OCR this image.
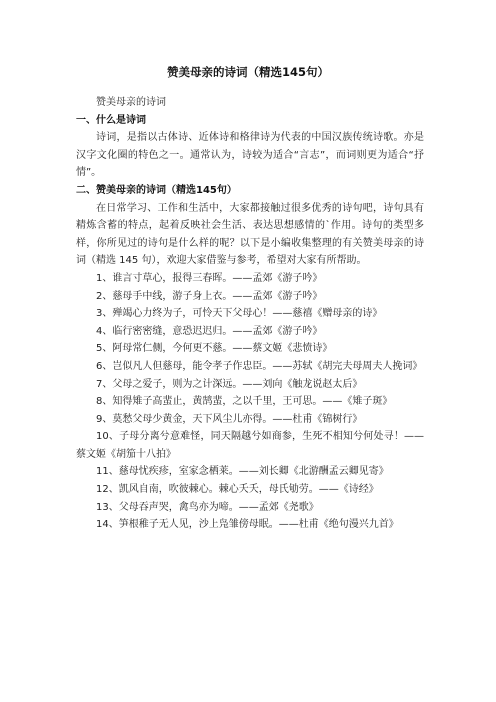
赞美母亲的诗词（精选145句）

赞美母亲的诗词

一、什么是诗词

诗词，是指以古体诗、近体诗和格律诗为代表的中国汉族传统诗歌。亦是汉字文化圈的特色之一。通常认为，诗较为适合“言志”，而词则更为适合“抒情”。

二、赞美母亲的诗词（精选145句）

在日常学习、工作和生活中，大家都接触过很多优秀的诗句吧，诗句具有精炼含蓄的特点，起着反映社会生活、表达思想感情的`作用。诗句的类型多样，你所见过的诗句是什么样的呢？以下是小编收集整理的有关赞美母亲的诗词（精选 145 句），欢迎大家借鉴与参考，希望对大家有所帮助。

1、谁言寸草心，报得三春晖。——孟郊《游子吟》

2、慈母手中线，游子身上衣。——孟郊《游子吟》

3、殚竭心力终为子，可怜天下父母心！——慈禧《赠母亲的诗》

4、临行密密缝，意恐迟迟归。——孟郊《游子吟》

5、阿母常仁侧，今何更不慈。——蔡文姬《悲愤诗》

6、岂似凡人但慈母，能令孝子作忠臣。——苏轼《胡完夫母周夫人挽词》

7、父母之爱子，则为之计深远。——刘向《触龙说赵太后》

8、知得雉子高蜚止，黄鹄蜚，之以千里，王可思。——《雉子斑》

9、莫愁父母少黄金，天下风尘儿亦得。——杜甫《锦树行》

10、子母分离兮意难怪，同天隔越兮如商参，生死不相知兮何处寻！——蔡文姬《胡笳十八拍》

11、慈母忧疾疹，室家念栖莱。——刘长卿《北游酬孟云卿见寄》

12、凯风自南，吹彼棘心。棘心夭夭，母氏劬劳。——《诗经》

13、父母吞声哭，禽鸟亦为啼。——孟郊《尧歌》

14、笋根稚子无人见，沙上凫雏傍母眠。——杜甫《绝句漫兴九首》
